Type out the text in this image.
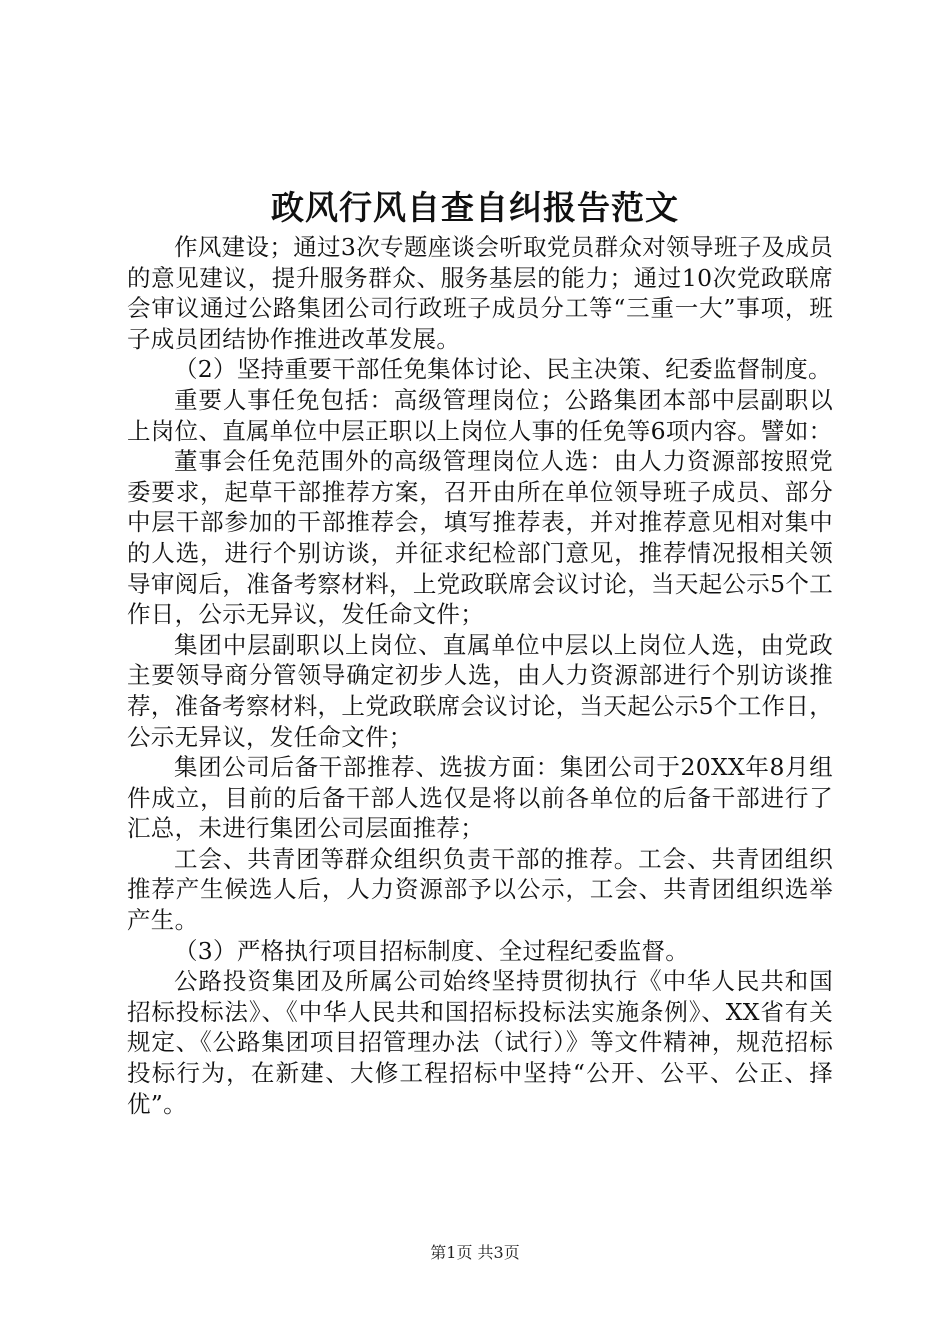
政风行风自查自纠报告范文

作风建设；通过3次专题座谈会听取党员群众对领导班子及成员的意见建议，提升服务群众、服务基层的能力；通过10次党政联席会审议通过公路集团公司行政班子成员分工等“三重一大”事项，班子成员团结协作推进改革发展。

（2）坚持重要干部任免集体讨论、民主决策、纪委监督制度。

重要人事任免包括：高级管理岗位；公路集团本部中层副职以上岗位、直属单位中层正职以上岗位人事的任免等6项内容。譬如：

董事会任免范围外的高级管理岗位人选：由人力资源部按照党委要求，起草干部推荐方案，召开由所在单位领导班子成员、部分中层干部参加的干部推荐会，填写推荐表，并对推荐意见相对集中的人选，进行个别访谈，并征求纪检部门意见，推荐情况报相关领导审阅后，准备考察材料，上党政联席会议讨论，当天起公示5个工作日，公示无异议，发任命文件；

集团中层副职以上岗位、直属单位中层以上岗位人选，由党政主要领导商分管领导确定初步人选，由人力资源部进行个别访谈推荐，准备考察材料，上党政联席会议讨论，当天起公示5个工作日，公示无异议，发任命文件；

集团公司后备干部推荐、选拔方面：集团公司于20XX年8月组件成立，目前的后备干部人选仅是将以前各单位的后备干部进行了汇总，未进行集团公司层面推荐；

工会、共青团等群众组织负责干部的推荐。工会、共青团组织推荐产生候选人后，人力资源部予以公示，工会、共青团组织选举产生。

（3）严格执行项目招标制度、全过程纪委监督。

公路投资集团及所属公司始终坚持贯彻执行《中华人民共和国招标投标法》、《中华人民共和国招标投标法实施条例》、XX省有关规定、《公路集团项目招管理办法（试行）》等文件精神，规范招标投标行为，在新建、大修工程招标中坚持“公开、公平、公正、择优”。

第1页 共3页
